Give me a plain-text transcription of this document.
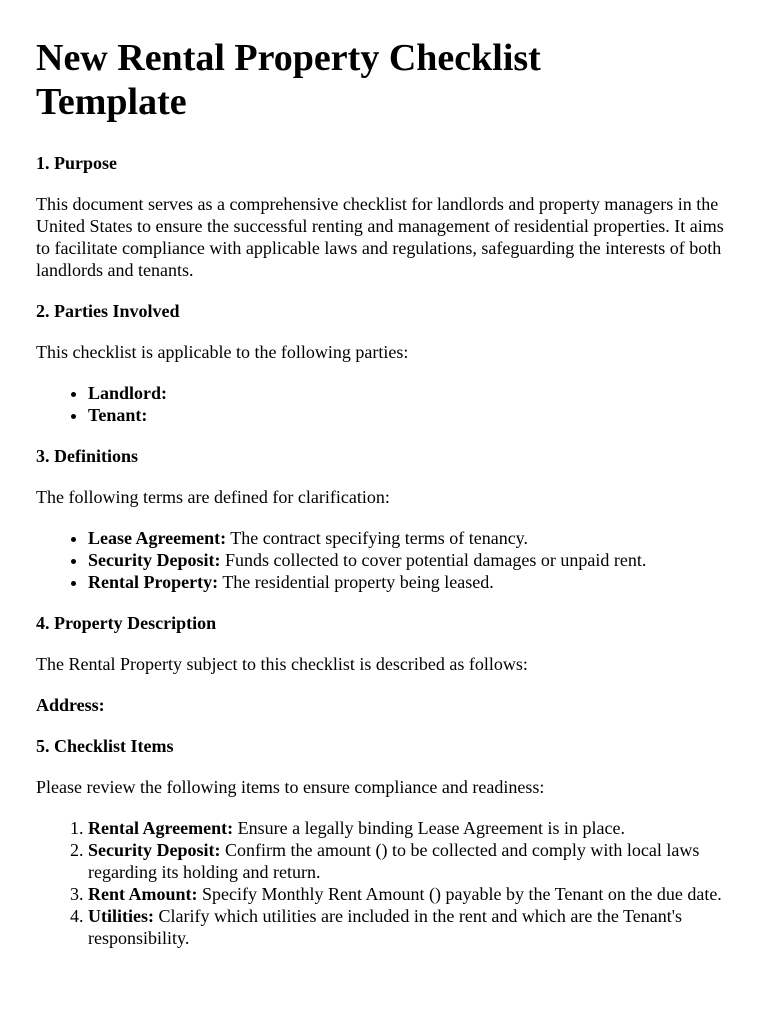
New Rental Property Checklist Template
1. Purpose

This document serves as a comprehensive checklist for landlords and property managers in the United States to ensure the successful renting and management of residential properties. It aims to facilitate compliance with applicable laws and regulations, safeguarding the interests of both landlords and tenants.

2. Parties Involved

This checklist is applicable to the following parties:

• Landlord:
• Tenant:
3. Definitions

The following terms are defined for clarification:

• Lease Agreement: The contract specifying terms of tenancy.
• Security Deposit: Funds collected to cover potential damages or unpaid rent.
• Rental Property: The residential property being leased.
4. Property Description

The Rental Property subject to this checklist is described as follows:

Address:

5. Checklist Items

Please review the following items to ensure compliance and readiness:

1. Rental Agreement: Ensure a legally binding Lease Agreement is in place.
2. Security Deposit: Confirm the amount () to be collected and comply with local laws regarding its holding and return.
3. Rent Amount: Specify Monthly Rent Amount () payable by the Tenant on the due date.
4. Utilities: Clarify which utilities are included in the rent and which are the Tenant's responsibility.
